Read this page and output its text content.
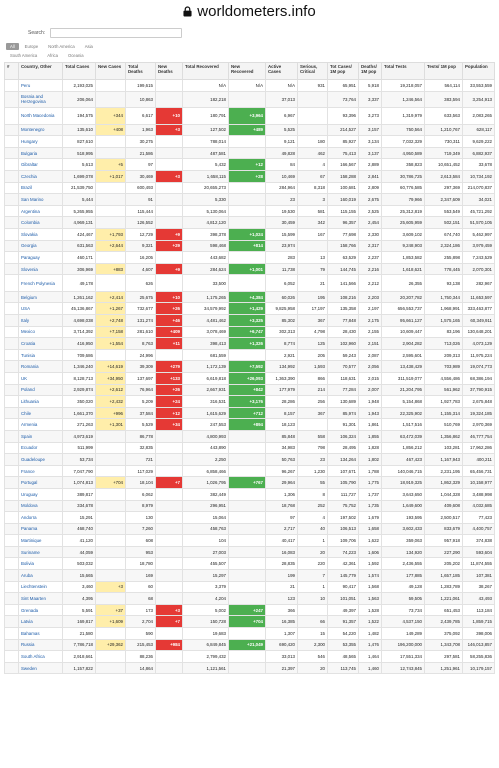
worldometers.info
Search:
All	Europe	North America	Asia
South America	Africa	Oceania
#	Country, Other	Total Cases	New Cases	Total Deaths	New Deaths	Total Recovered	New Recovered	Active Cases	Serious, Critical	Tot Cases/ 1M pop	Deaths/ 1M pop	Total Tests	Tests/ 1M pop	Population
	Peru	2,193,025		199,615		N/A	N/A	N/A	931	65,951	5,918	19,218,057	564,114	33,553,559
	Bosnia and Herzegovina	206,064		10,863		182,218		37,013		73,764	3,337	1,246,564	383,594	3,254,913
	North Macedonia	194,575	+344	6,617	+10	180,791	+3,964	6,967		93,396	3,273	1,319,979	633,563	2,083,265
	Montenegro	135,610	+408	1,963	+3	127,502	+489	5,525		214,527	3,157	750,564	1,210,767	628,117
	Hungary	827,610		30,275		788,014		9,121	180	85,927	3,134	7,032,329	730,311	9,629,222
	Bulgaria	518,995		21,586		487,581		49,828	462	75,413	3,137	4,950,589	719,349	6,882,937
	Gibraltar	5,613	+5	97		5,432	+12	84	4	166,567	2,889	358,823	10,651,452	33,678
	Czechia	1,699,078	+1,017	30,469	+3	1,658,115	+28	10,469	67	158,288	2,841	30,786,725	2,613,584	10,734,192
	Brazil	21,539,750		600,493		20,655,273		284,964	8,318	100,681	2,809	60,776,585	297,369	214,070,837
	San Marino	5,444		91		5,330		23	3	160,019	2,675	79,966	2,347,609	34,021
	Argentina	5,265,955		115,444		5,130,064		19,530	581	115,155	2,525	25,312,819	553,549	45,721,292
	Colombia	4,969,131		126,552		4,812,120		30,459	342	96,357	2,454	25,605,959	502,151	51,570,105
	Slovakia	424,467	+1,793	12,729	+9	398,378	+1,024	15,599	167	77,698	2,330	3,609,102	674,740	5,462,997
	Georgia	631,563	+2,644	9,321	+29	598,468	+814	23,974		158,766	2,317	9,248,903	2,324,186	3,979,459
	Paraguay	460,171		16,205		443,682		283	13	63,529	2,237	1,853,582	255,898	7,243,529
	Slovenia	306,969	+883	4,607	+9	284,624	+1,001	11,738	79	144,745	2,216	1,618,621	778,445	2,070,301
	French Polynesia	49,178		626		33,500		6,052	21	141,566	2,212	26,355	93,138	282,967
	Belgium	1,261,162	+2,414	25,675	+10	1,175,265	+4,384	60,026	195	108,216	2,203	20,207,782	1,750,344	11,653,597
	USA	45,136,867	+1,267	732,677	+26	34,579,992	+1,429	9,825,958	17,197	135,358	2,197	656,553,737	1,968,991	333,463,877
	Italy	4,698,038	+2,748	131,274	+46	4,481,462	+3,325	85,302	367	77,848	2,175	95,661,127	1,575,165	60,349,911
	Mexico	3,714,392	+7,158	281,610	+409	3,078,469	+6,747	302,313	4,798	28,430	2,155	10,609,447	83,196	130,648,201
	Croatia	416,950	+1,554	8,763	+11	398,413	+1,326	8,774	125	102,960	2,151	2,904,282	713,026	4,073,129
	Tunisia	709,686		24,996		681,559		2,921	205	59,243	2,087	2,595,601	209,313	11,975,224
	Romania	1,346,240	+14,619	39,309	+279	1,172,139	+7,592	134,992	1,593	70,577	2,056	13,438,429	703,989	19,074,773
	UK	8,128,713	+34,950	137,697	+133	6,619,818	+26,093	1,363,390	866	118,631	2,015	311,519,077	4,556,486	68,386,194
	Poland	2,929,874	+2,612	76,964	+26	2,667,931	+842	177,979	214	77,284	2,007	21,204,795	561,962	37,790,915
	Lithuania	350,020	+2,432	5,209	+24	316,531	+3,176	28,286	256	130,689	1,948	5,154,868	1,927,783	2,675,848
	Chile	1,661,370	+996	37,584	+12	1,615,629	+712	8,157	367	85,974	1,943	22,325,902	1,155,314	19,324,185
	Armenia	271,263	+1,301	5,529	+34	247,553	+894	18,123		91,301	1,861	1,517,516	510,769	2,970,369
	Spain	4,973,619		86,778		4,800,993		85,848	558	106,324	1,855	63,472,039	1,356,862	46,777,754
	Ecuador	511,999		32,835		443,890		34,983	798	28,495	1,828	1,856,212	103,281	17,962,286
	Guadeloupe	53,734		721		2,250		50,763	23	134,264	1,802	467,423	1,167,943	400,211
	France	7,047,790		117,029		6,858,466		96,267	1,230	107,671	1,788	140,046,715	2,231,195	65,456,731
	Portugal	1,074,813	+704	18,104	+7	1,026,795	+767	29,964	55	105,790	1,775	18,919,325	1,862,329	10,158,977
	Uruguay	389,817		6,062		382,449		1,306	8	111,727	1,737	3,643,650	1,044,328	3,488,998
	Moldova	334,678		8,979		296,951		18,768	252	75,752	1,735	1,649,600	409,608	4,032,685
	Andorra	15,291		130		15,064		97	4	197,502	1,679	193,595	2,500,517	77,423
	Panama	468,740		7,260		458,763		2,717	40	106,513	1,658	3,602,433	833,679	4,400,757
	Martinique	41,120		608		104		40,417	1	109,706	1,622	359,063	957,918	374,838
	Suriname	44,059		953		27,003		16,083	20	74,223	1,606	134,920	227,290	593,604
	Bolivia	503,032		18,780		455,507		28,835	220	42,361	1,592	2,436,555	205,202	11,874,555
	Aruba	15,665		169		15,297		199	7	145,779	1,574	177,885	1,657,185	107,381
	Liechtenstein	3,460	+3	60		3,379		21	1	90,417	1,568	49,128	1,283,789	38,267
	Sint Maarten	4,395		68		4,204		123	10	101,051	1,563	59,505	1,221,061	43,493
	Grenada	5,591	+37	173	+3	5,002	+247	366		49,397	1,528	73,734	651,453	113,184
	Latvia	169,817	+1,609	2,704	+7	150,728	+704	16,385	66	91,357	1,522	4,537,150	2,439,785	1,859,715
	Bahamas	21,580		590		19,683		1,307	15	54,220	1,482	149,289	375,092	398,006
	Russia	7,786,718	+29,362	215,453	+984	6,849,845	+21,049	690,420	2,300	53,355	1,476	196,200,000	1,343,708	146,013,857
	South Africa	2,918,661		88,236		2,799,432		33,013	546	48,565	1,464	17,551,334	297,581	58,255,836
	Sweden	1,157,822		14,864		1,121,561		21,397	20	113,745	1,460	12,743,845	1,251,961	10,179,157
